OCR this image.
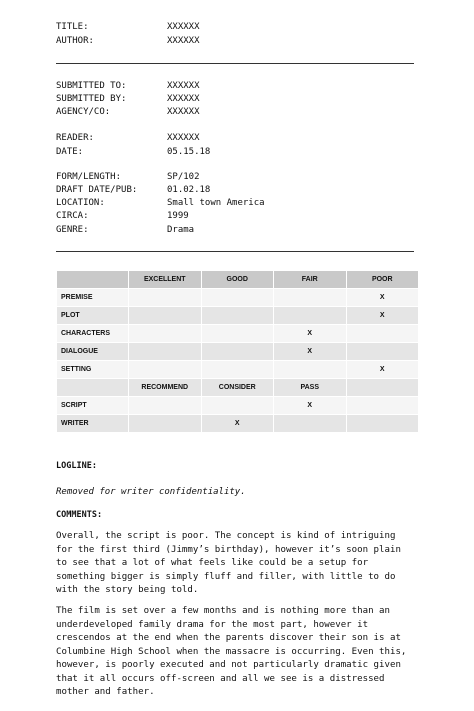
TITLE:	XXXXXX
AUTHOR:	XXXXXX
SUBMITTED TO:	XXXXXX
SUBMITTED BY:	XXXXXX
AGENCY/CO:	XXXXXX
READER:	XXXXXX
DATE:	05.15.18
FORM/LENGTH:	SP/102
DRAFT DATE/PUB:	01.02.18
LOCATION:	Small town America
CIRCA:	1999
GENRE:	Drama
	EXCELLENT	GOOD	FAIR	POOR
PREMISE				X
PLOT				X
CHARACTERS			X	
DIALOGUE			X	
SETTING				X
	RECOMMEND	CONSIDER	PASS	
SCRIPT			X	
WRITER		X		
LOGLINE:
Removed for writer confidentiality.
COMMENTS:
Overall, the script is poor. The concept is kind of intriguing
for the first third (Jimmy’s birthday), however it’s soon plain
to see that a lot of what feels like could be a setup for
something bigger is simply fluff and filler, with little to do
with the story being told.
The film is set over a few months and is nothing more than an
underdeveloped family drama for the most part, however it
crescendos at the end when the parents discover their son is at
Columbine High School when the massacre is occurring. Even this,
however, is poorly executed and not particularly dramatic given
that it all occurs off-screen and all we see is a distressed
mother and father.
